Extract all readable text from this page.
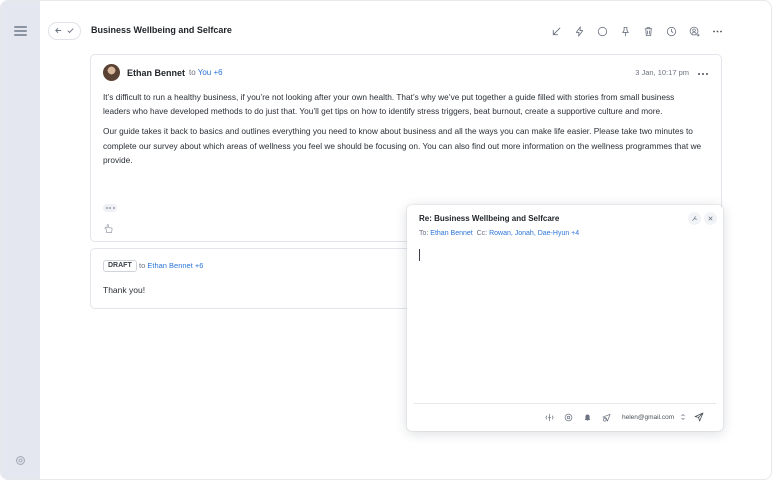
Business Wellbeing and Selfcare
Ethan Bennet to You +6	3 Jan, 10:17 pm

It’s difficult to run a healthy business, if you’re not looking after your own health. That’s why we’ve put together a guide filled with stories from small business leaders who have developed methods to do just that. You’ll get tips on how to identify stress triggers, beat burnout, create a supportive culture and more.

Our guide takes it back to basics and outlines everything you need to know about business and all the ways you can make life easier. Please take two minutes to complete our survey about which areas of wellness you feel we should be focusing on. You can also find out more information on the wellness programmes that we provide.

DRAFT to Ethan Bennet +6
Thank you!
Re: Business Wellbeing and Selfcare
To: Ethan Bennet Cc: Rowan, Jonah, Dae-Hyun +4
helen@gmail.com
